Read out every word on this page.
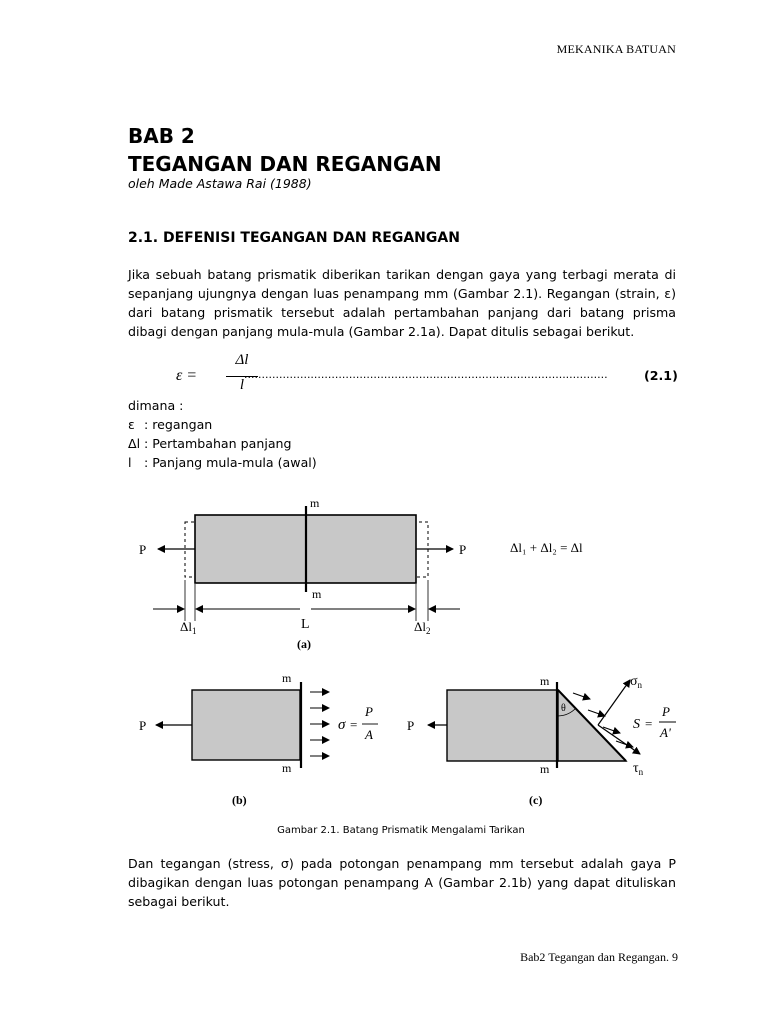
MEKANIKA BATUAN
BAB 2
TEGANGAN DAN REGANGAN
oleh Made Astawa Rai (1988)
2.1. DEFENISI TEGANGAN DAN REGANGAN
Jika sebuah batang prismatik diberikan tarikan dengan gaya yang terbagi merata di sepanjang ujungnya dengan luas penampang mm (Gambar 2.1). Regangan (strain, ε) dari batang prismatik tersebut adalah pertambahan panjang dari batang prisma dibagi dengan panjang mula-mula (Gambar 2.1a). Dapat ditulis sebagai berikut.
ε =
Δl
l
........................................................................................................	(2.1)
dimana :
ε : regangan
Δl : Pertambahan panjang
l : Panjang mula-mula (awal)
m
m
P	P	Δl₁ + Δl₂ = Δl
$\Delta l_1$	L	$\Delta l_2$
(a)
m
m
P	σ =
P
A
(b)
θ
m
m
P
$\sigma_n$
$\tau_n$
S =
P
A'
(c)
Gambar 2.1. Batang Prismatik Mengalami Tarikan
Dan tegangan (stress, σ) pada potongan penampang mm tersebut adalah gaya P dibagikan dengan luas potongan penampang A (Gambar 2.1b) yang dapat dituliskan sebagai berikut.
Bab2 Tegangan dan Regangan. 9
